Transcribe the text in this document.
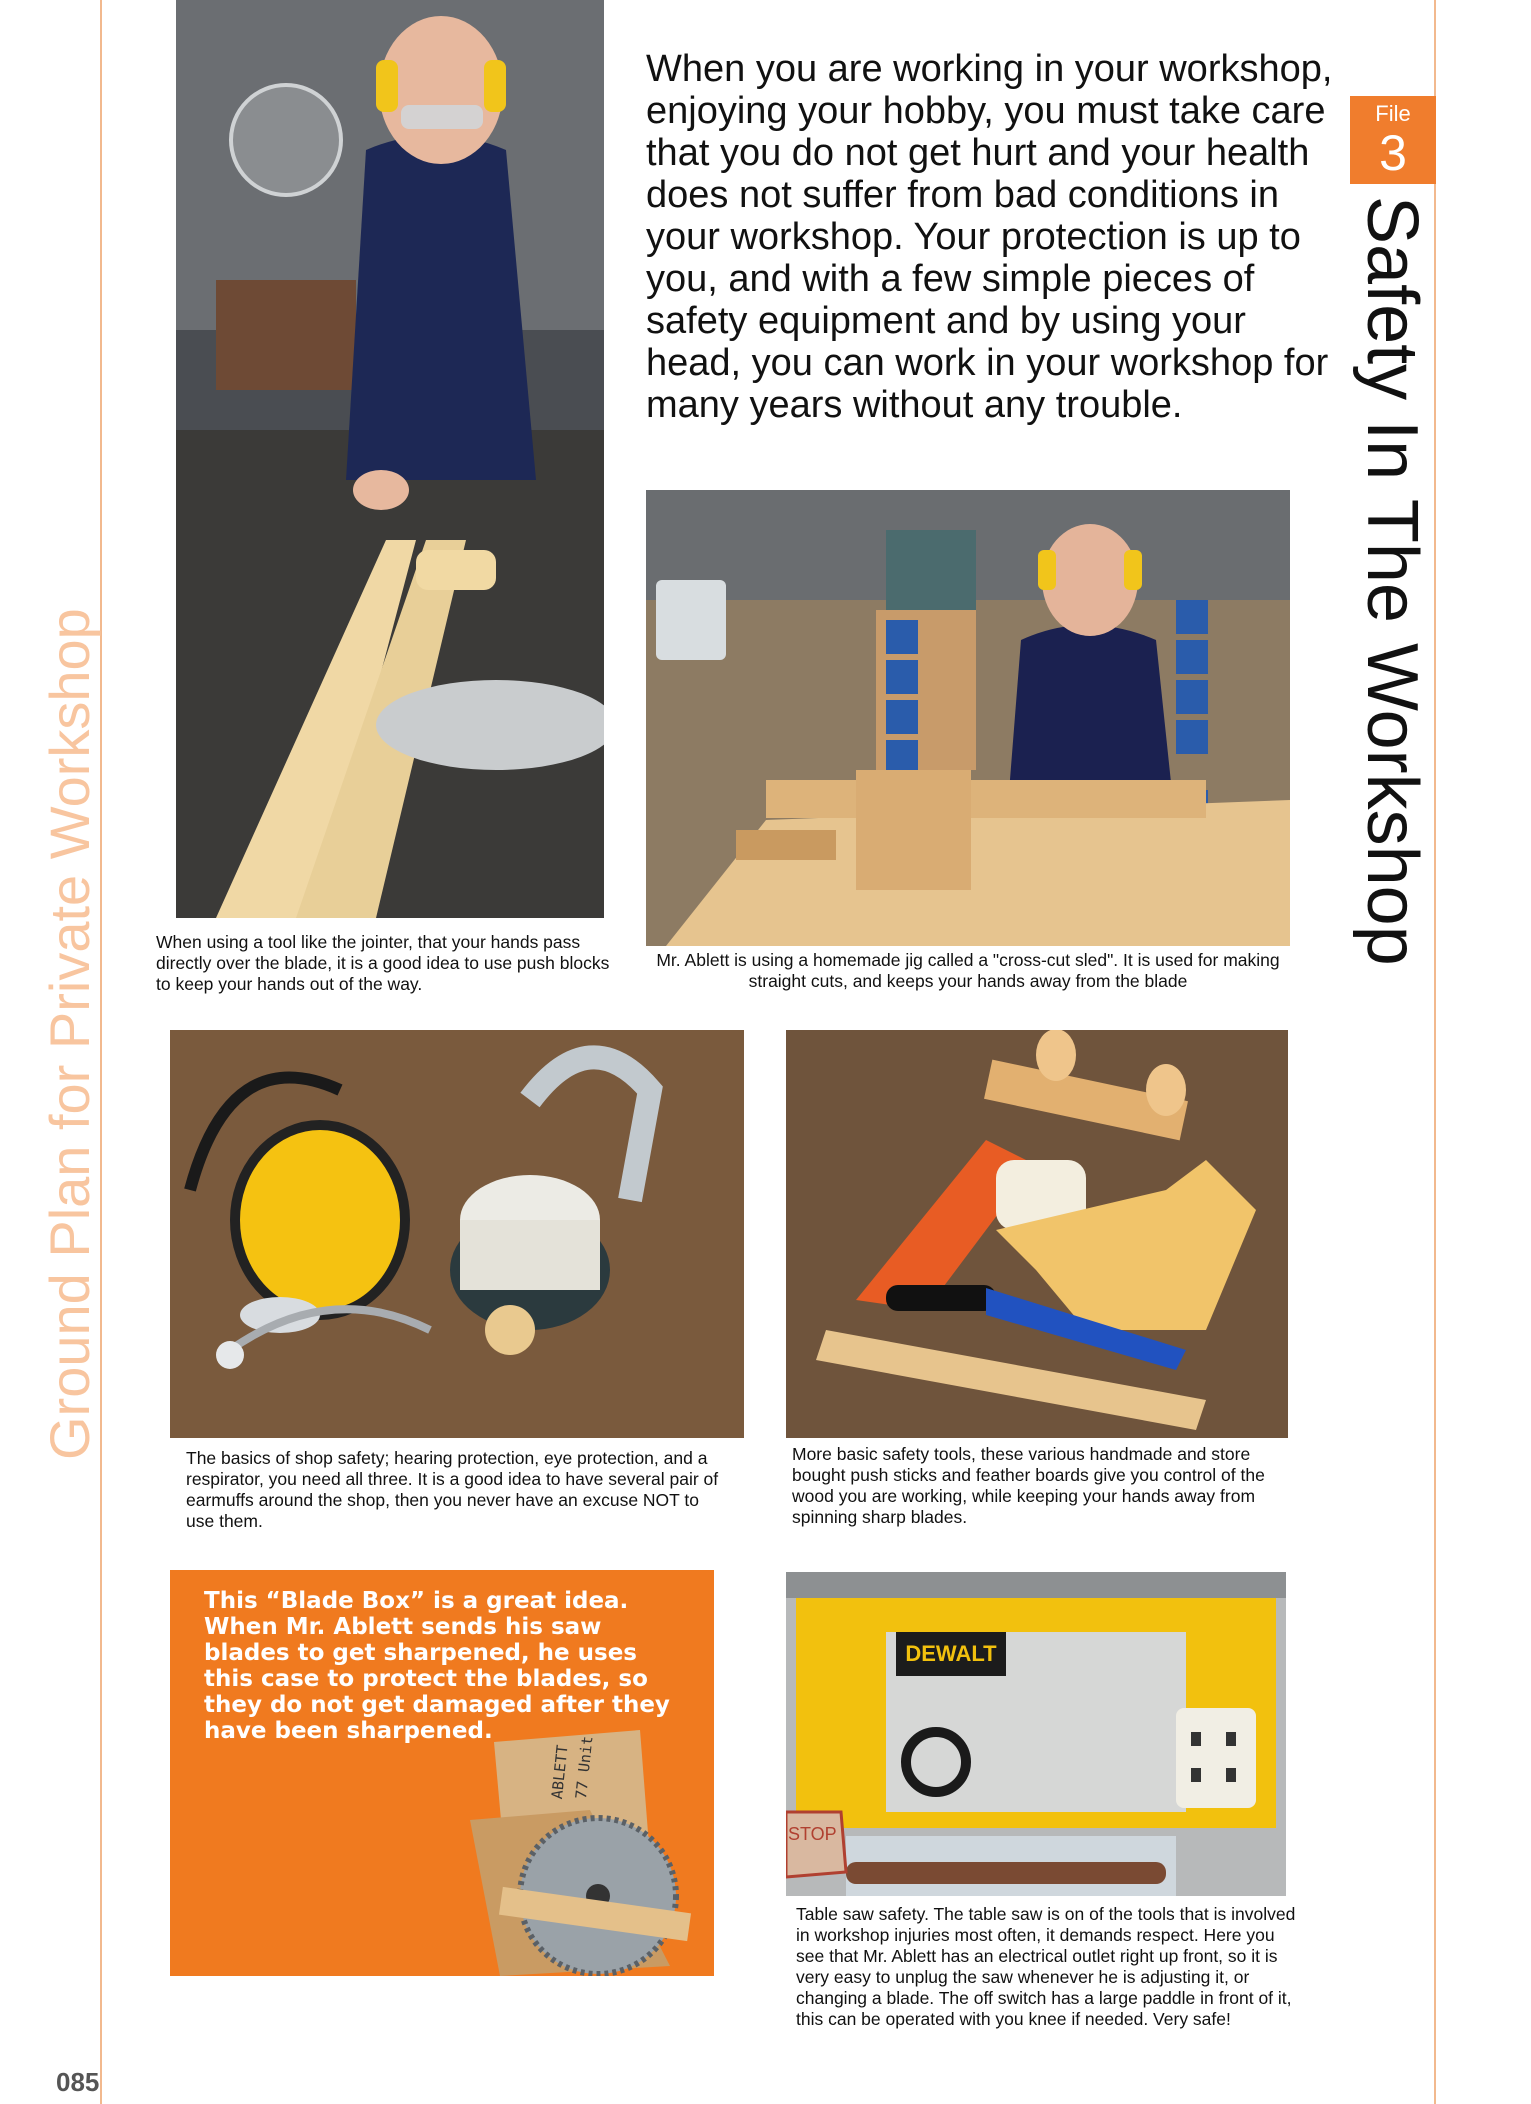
Ground Plan for Private Workshop
085
File
3
Safety In The Workshop
When you are working in your workshop, enjoying your hobby, you must take care that you do not get hurt and your health does not suffer from bad conditions in your workshop. Your protection is up to you, and with a few simple pieces of safety equipment and by using your head, you can work in your workshop for many years without any trouble.
When using a tool like the jointer, that your hands pass directly over the blade, it is a good idea to use push blocks to keep your hands out of the way.
Mr. Ablett is using a homemade jig called a "cross-cut sled". It is used for making straight cuts, and keeps your hands away from the blade
The basics of shop safety; hearing protection, eye protection, and a respirator, you need all three. It is a good idea to have several pair of earmuffs around the shop, then you never have an excuse NOT to use them.
More basic safety tools, these various handmade and store bought push sticks and feather boards give you control of the wood you are working, while keeping your hands away from spinning sharp blades.
This “Blade Box” is a great idea. When Mr. Ablett sends his saw blades to get sharpened, he uses this case to protect the blades, so they do not get damaged after they have been sharpened.
ABLETT 77 Unit
DEWALT
STOP
Table saw safety. The table saw is on of the tools that is involved in workshop injuries most often, it demands respect. Here you see that Mr. Ablett has an electrical outlet right up front, so it is very easy to unplug the saw whenever he is adjusting it, or changing a blade. The off switch has a large paddle in front of it, this can be operated with you knee if needed. Very safe!
